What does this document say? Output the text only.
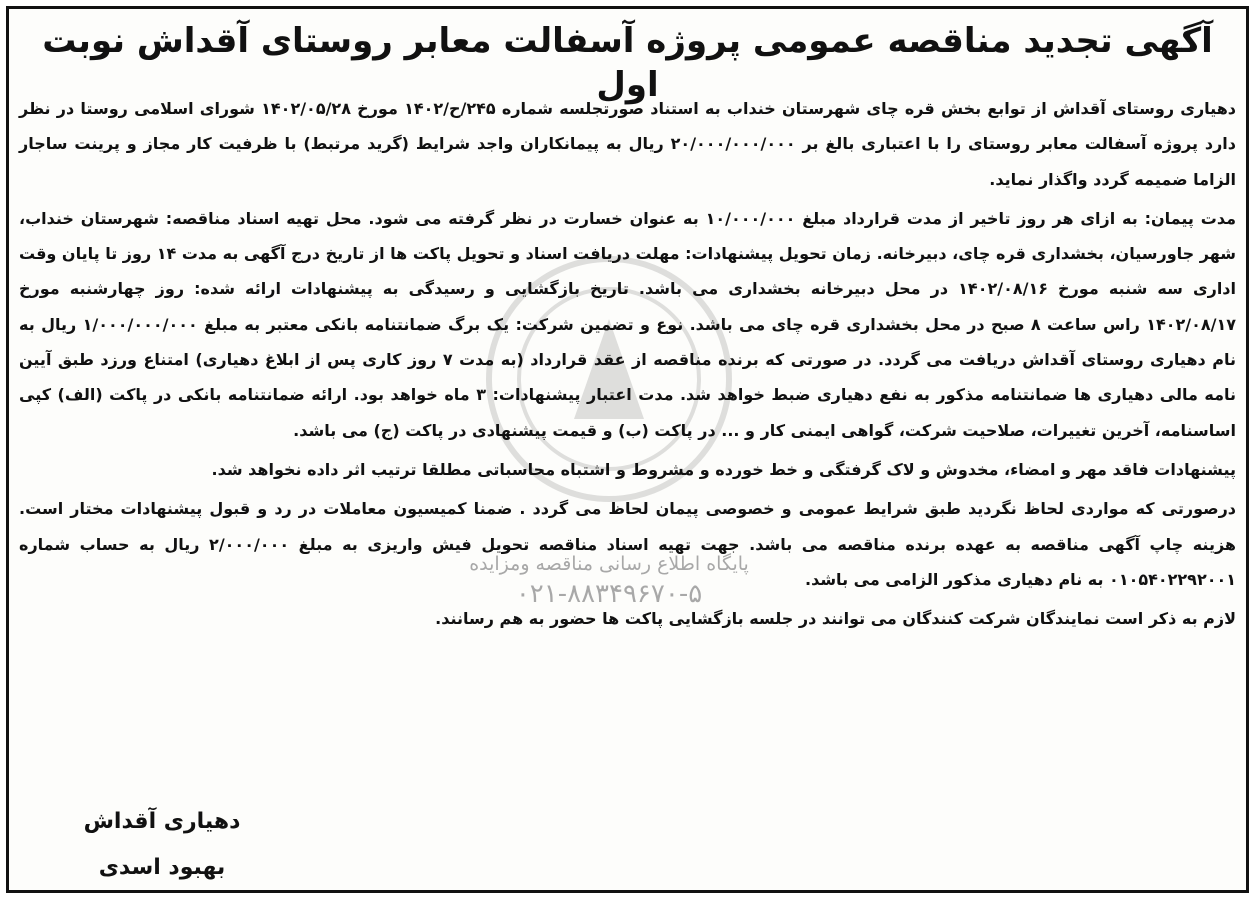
آگهی تجدید مناقصه عمومی پروژه آسفالت معابر روستای آقداش نوبت اول

دهیاری روستای آقداش از توابع بخش قره چای شهرستان خنداب به استناد صورتجلسه شماره ۲۴۵/ح/۱۴۰۲ مورخ ۱۴۰۲/۰۵/۲۸ شورای اسلامی روستا در نظر دارد پروژه آسفالت معابر روستای را با اعتباری بالغ بر ۲۰/۰۰۰/۰۰۰/۰۰۰ ریال به پیمانکاران واجد شرایط (گرید مرتبط) با ظرفیت کار مجاز و پرینت ساجار الزاما ضمیمه گردد واگذار نماید.

مدت پیمان: به ازای هر روز تاخیر از مدت قرارداد مبلغ ۱۰/۰۰۰/۰۰۰ به عنوان خسارت در نظر گرفته می شود. محل تهیه اسناد مناقصه: شهرستان خنداب، شهر جاورسیان، بخشداری قره چای، دبیرخانه. زمان تحویل پیشنهادات: مهلت دریافت اسناد و تحویل پاکت ها از تاریخ درج آگهی به مدت ۱۴ روز تا پایان وقت اداری سه شنبه مورخ ۱۴۰۲/۰۸/۱۶ در محل دبیرخانه بخشداری می باشد. تاریخ بازگشایی و رسیدگی به پیشنهادات ارائه شده: روز چهارشنبه مورخ ۱۴۰۲/۰۸/۱۷ راس ساعت ۸ صبح در محل بخشداری قره چای می باشد. نوع و تضمین شرکت: یک برگ ضمانتنامه بانکی معتبر به مبلغ ۱/۰۰۰/۰۰۰/۰۰۰ ریال به نام دهیاری روستای آقداش دریافت می گردد. در صورتی که برنده مناقصه از عقد قرارداد (به مدت ۷ روز کاری پس از ابلاغ دهیاری) امتناع ورزد طبق آیین نامه مالی دهیاری ها ضمانتنامه مذکور به نفع دهیاری ضبط خواهد شد. مدت اعتبار پیشنهادات: ۳ ماه خواهد بود. ارائه ضمانتنامه بانکی در پاکت (الف) کپی اساسنامه، آخرین تغییرات، صلاحیت شرکت، گواهی ایمنی کار و ... در پاکت (ب) و قیمت پیشنهادی در پاکت (ج) می باشد.

پیشنهادات فاقد مهر و امضاء، مخدوش و لاک گرفتگی و خط خورده و مشروط و اشتباه محاسباتی مطلقا ترتیب اثر داده نخواهد شد.

درصورتی که مواردی لحاظ نگردید طبق شرایط عمومی و خصوصی پیمان لحاظ می گردد . ضمنا کمیسیون معاملات در رد و قبول پیشنهادات مختار است. هزینه چاپ آگهی مناقصه به عهده برنده مناقصه می باشد. جهت تهیه اسناد مناقصه تحویل فیش واریزی به مبلغ ۲/۰۰۰/۰۰۰ ریال به حساب شماره ۰۱۰۵۴۰۲۲۹۲۰۰۱ به نام دهیاری مذکور الزامی می باشد.

لازم به ذکر است نمایندگان شرکت کنندگان می توانند در جلسه بازگشایی پاکت ها حضور به هم رسانند.

پایگاه اطلاع رسانی مناقصه ومزایده
۰۲۱-۸۸۳۴۹۶۷۰-۵
دهیاری آقداش
بهبود اسدی
